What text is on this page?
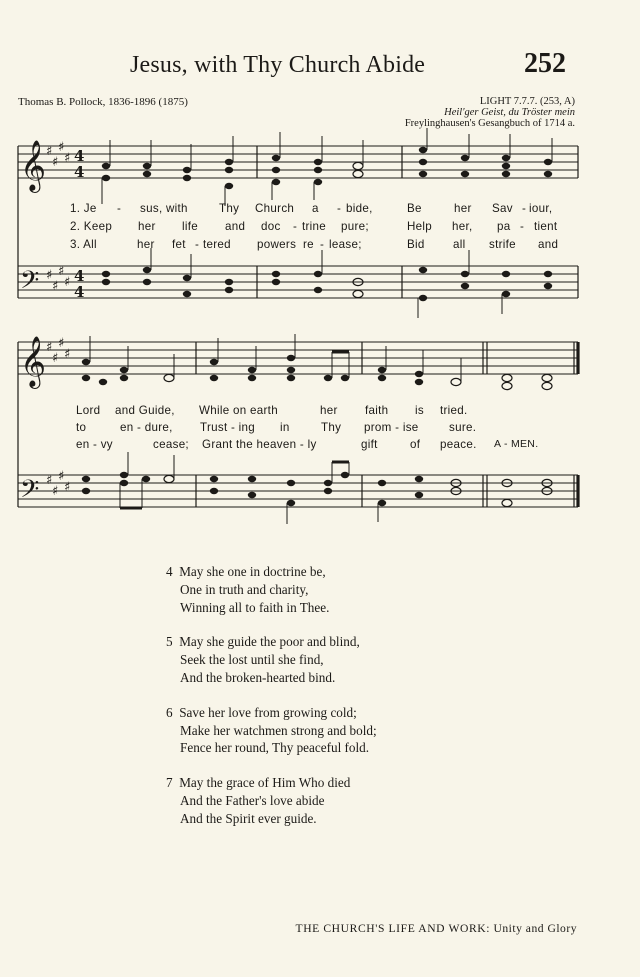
Jesus, with Thy Church Abide	252
Thomas B. Pollock, 1836-1896 (1875)	LIGHT 7.7.7. (253, A)
Heil'ger Geist, du Tröster mein
Freylinghausen's Gesangbuch of 1714 a.
𝄞
𝄞
𝄢
𝄢
♯
♯
♯
♯
♯
♯
♯
♯
♯
♯
♯
♯
♯
♯
♯
♯
4
4
4
4
1. Je - sus, with	Thy Church a - bide,	Be	her Sav - iour,
2. Keep her life and doc - trine pure;	Help her, pa - tient
3. All	her fet - tered powers re - lease;	Bid all strife and
Lord and Guide, While on earth	her faith is tried.
to	en - dure, Trust - ing in	Thy prom - ise	sure.
en - vy	cease; Grant the heaven - ly	gift	of peace. A - MEN.
4 May she one in doctrine be,
One in truth and charity,
Winning all to faith in Thee.
5 May she guide the poor and blind,
Seek the lost until she find,
And the broken-hearted bind.
6 Save her love from growing cold;
Make her watchmen strong and bold;
Fence her round, Thy peaceful fold.
7 May the grace of Him Who died
And the Father's love abide
And the Spirit ever guide.
THE CHURCH'S LIFE AND WORK: Unity and Glory
